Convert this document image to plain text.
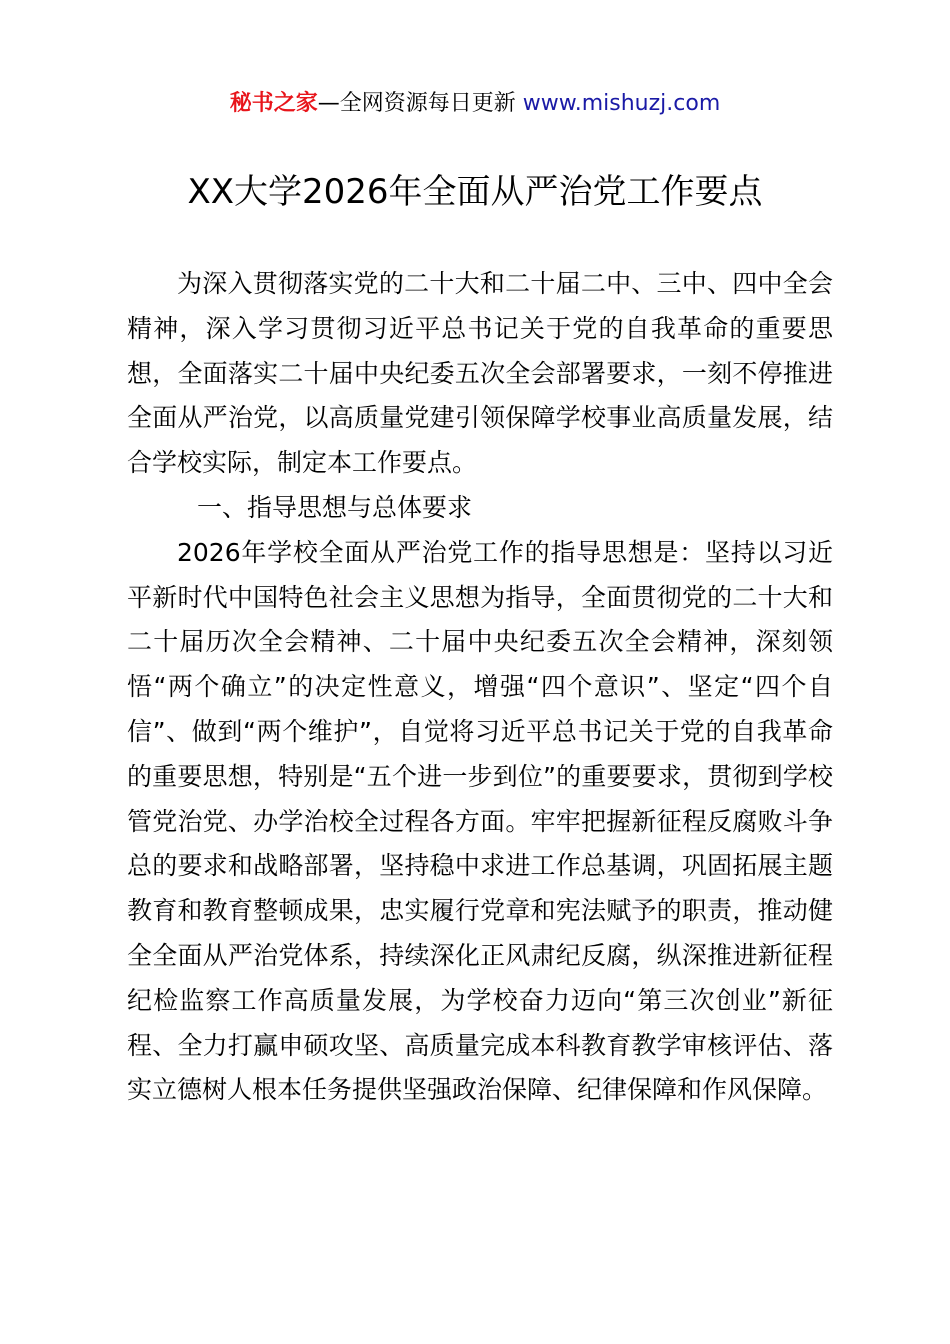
秘书之家—全网资源每日更新 www.mishuzj.com
XX大学2026年全面从严治党工作要点

为深入贯彻落实党的二十大和二十届二中、三中、四中全会精神，深入学习贯彻习近平总书记关于党的自我革命的重要思想，全面落实二十届中央纪委五次全会部署要求，一刻不停推进全面从严治党，以高质量党建引领保障学校事业高质量发展，结合学校实际，制定本工作要点。

一、指导思想与总体要求

2026年学校全面从严治党工作的指导思想是：坚持以习近平新时代中国特色社会主义思想为指导，全面贯彻党的二十大和二十届历次全会精神、二十届中央纪委五次全会精神，深刻领悟“两个确立”的决定性意义，增强“四个意识”、坚定“四个自信”、做到“两个维护”，自觉将习近平总书记关于党的自我革命的重要思想，特别是“五个进一步到位”的重要要求，贯彻到学校管党治党、办学治校全过程各方面。牢牢把握新征程反腐败斗争总的要求和战略部署，坚持稳中求进工作总基调，巩固拓展主题教育和教育整顿成果，忠实履行党章和宪法赋予的职责，推动健全全面从严治党体系，持续深化正风肃纪反腐，纵深推进新征程纪检监察工作高质量发展，为学校奋力迈向“第三次创业”新征程、全力打赢申硕攻坚、高质量完成本科教育教学审核评估、落实立德树人根本任务提供坚强政治保障、纪律保障和作风保障。
